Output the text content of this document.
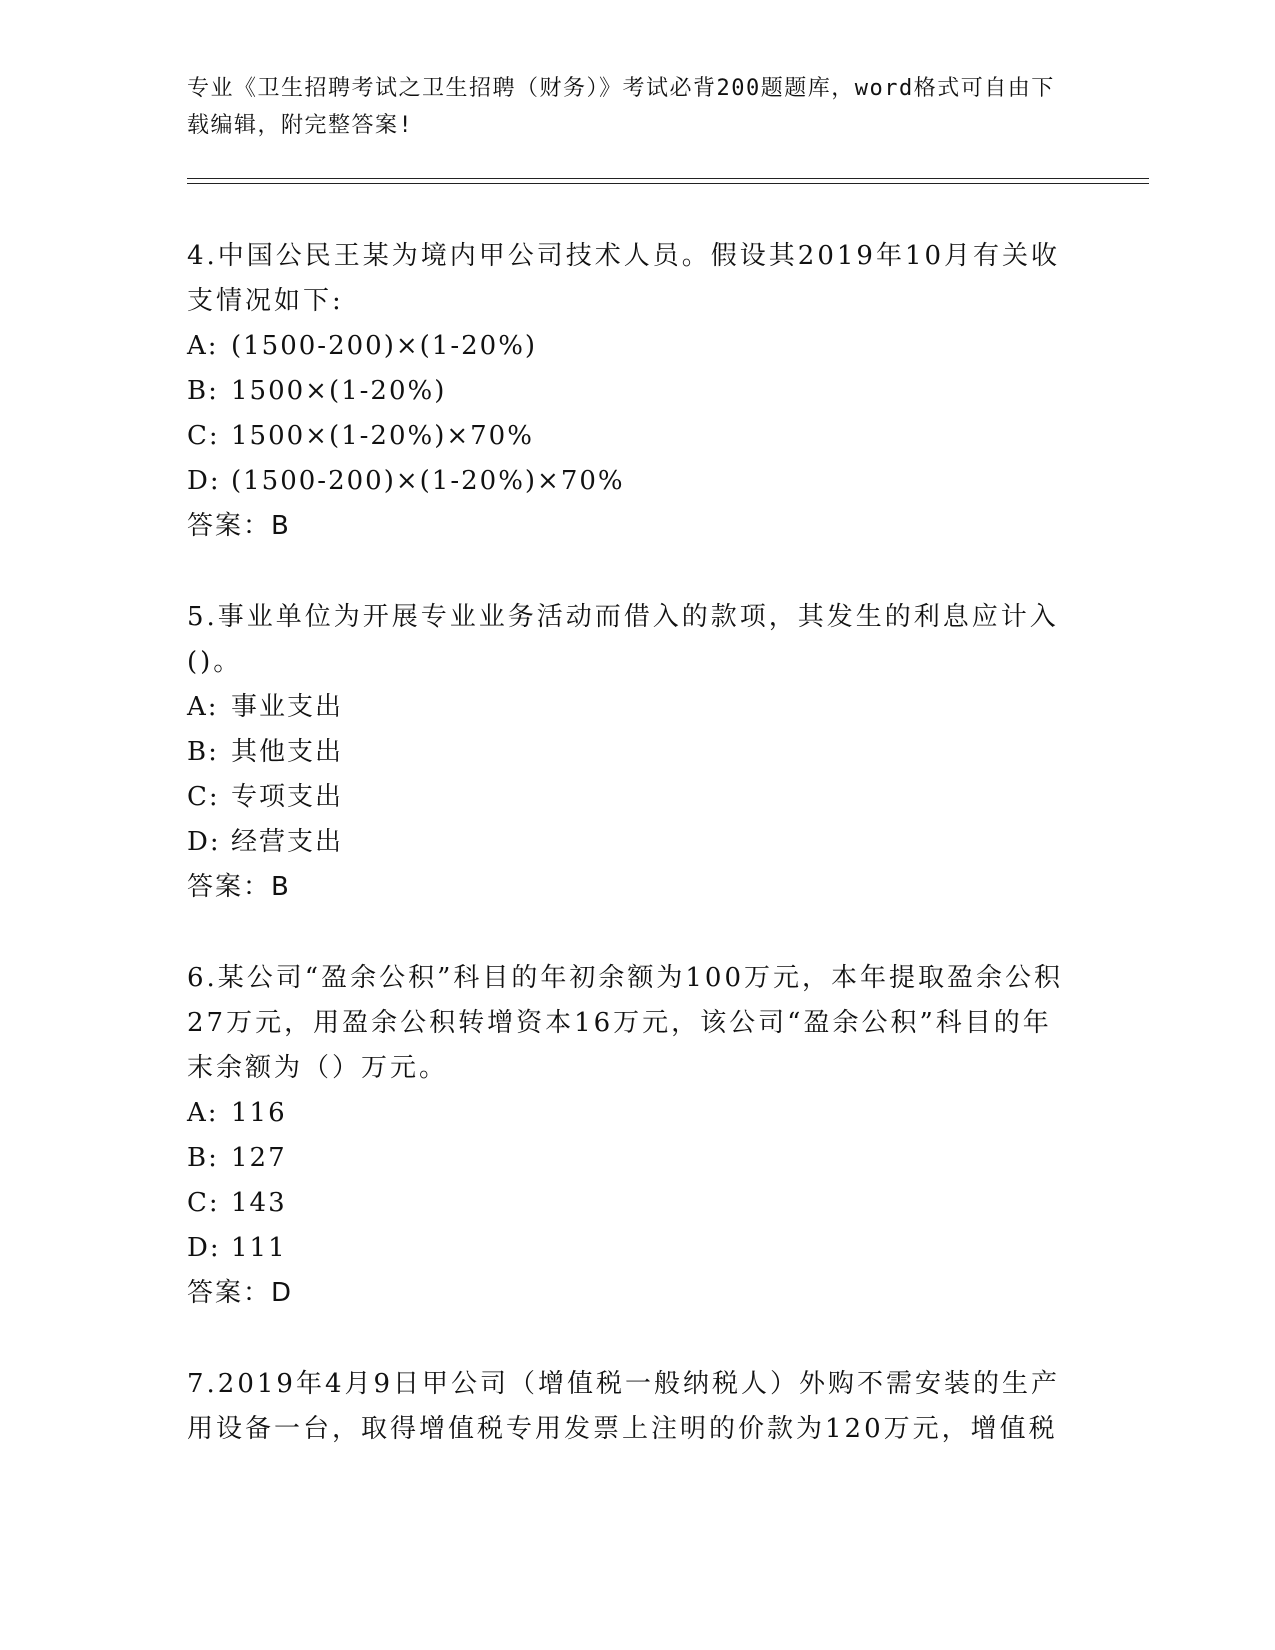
专业《卫生招聘考试之卫生招聘（财务）》考试必背200题题库，word格式可自由下载编辑，附完整答案!

4.中国公民王某为境内甲公司技术人员。假设其2019年10月有关收支情况如下:

A: (1500-200)×(1-20%)
B: 1500×(1-20%)
C: 1500×(1-20%)×70%
D: (1500-200)×(1-20%)×70%

答案：B

5.事业单位为开展专业业务活动而借入的款项，其发生的利息应计入()。

A: 事业支出
B: 其他支出
C: 专项支出
D: 经营支出

答案：B

6.某公司“盈余公积”科目的年初余额为100万元，本年提取盈余公积27万元，用盈余公积转增资本16万元，该公司“盈余公积”科目的年末余额为（）万元。

A: 116
B: 127
C: 143
D: 111

答案：D

7.2019年4月9日甲公司（增值税一般纳税人）外购不需安装的生产用设备一台，取得增值税专用发票上注明的价款为120万元，增值税
